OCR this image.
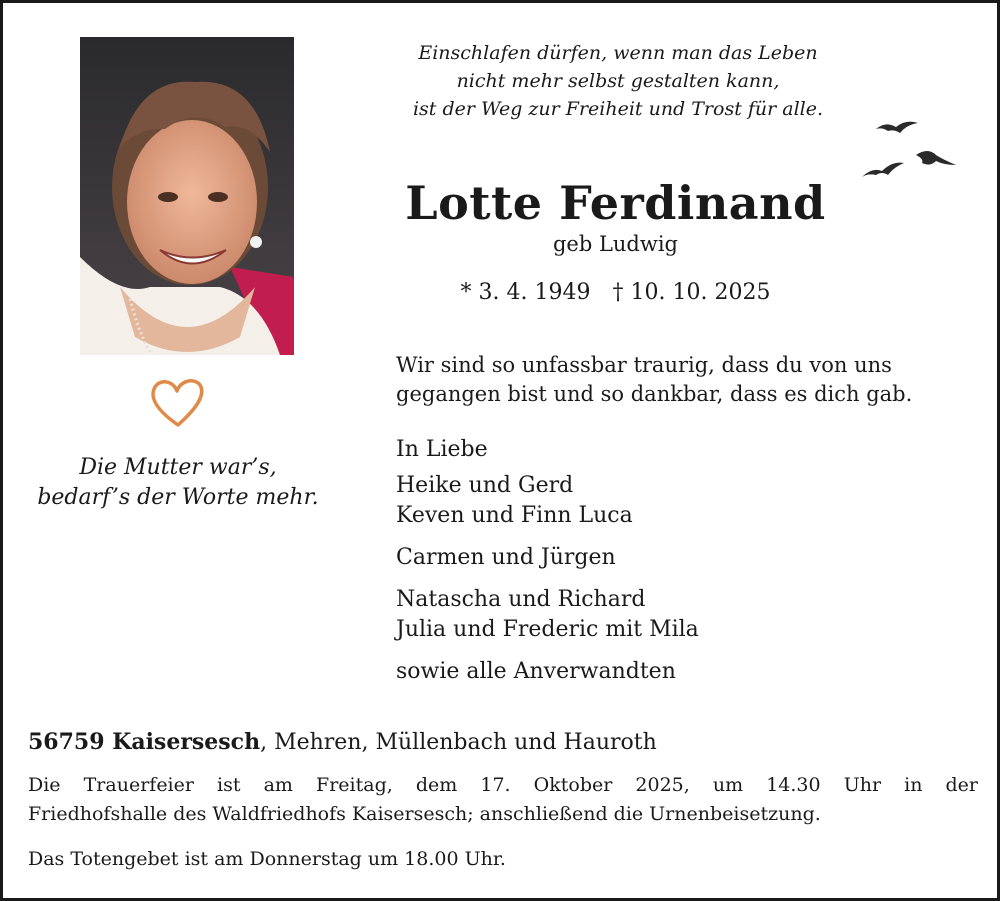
Die Mutter war’s,
bedarf’s der Worte mehr.
Einschlafen dürfen, wenn man das Leben
nicht mehr selbst gestalten kann,
ist der Weg zur Freiheit und Trost für alle.
Lotte Ferdinand
geb Ludwig
* 3. 4. 1949 † 10. 10. 2025
Wir sind so unfassbar traurig, dass du von uns
gegangen bist und so dankbar, dass es dich gab.
In Liebe
Heike und Gerd
Keven und Finn Luca
Carmen und Jürgen
Natascha und Richard
Julia und Frederic mit Mila
sowie alle Anverwandten
56759 Kaisersesch, Mehren, Müllenbach und Hauroth
Die Trauerfeier ist am Freitag, dem 17. Oktober 2025, um 14.30 Uhr in der
Friedhofshalle des Waldfriedhofs Kaisersesch; anschließend die Urnenbeisetzung.
Das Totengebet ist am Donnerstag um 18.00 Uhr.
